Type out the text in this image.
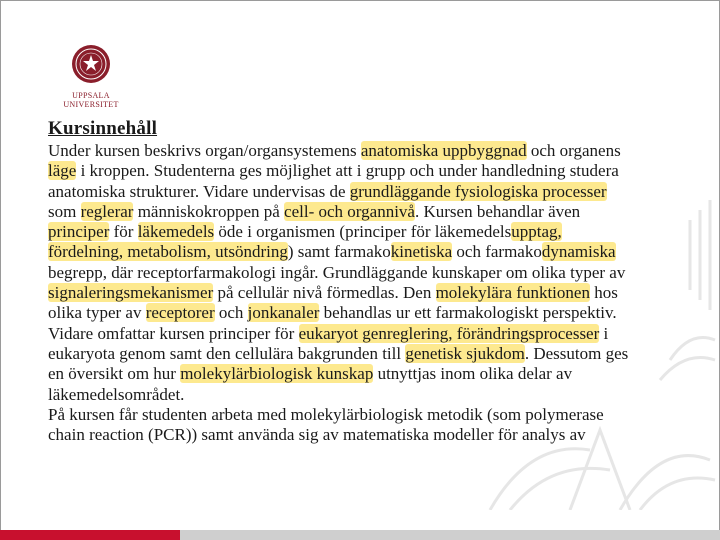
UPPSALA
UNIVERSITET
Kursinnehåll
Under kursen beskrivs organ/organsystemens anatomiska uppbyggnad och organens
läge i kroppen. Studenterna ges möjlighet att i grupp och under handledning studera
anatomiska strukturer. Vidare undervisas de grundläggande fysiologiska processer
som reglerar människokroppen på cell- och organnivå. Kursen behandlar även
principer för läkemedels öde i organismen (principer för läkemedelsupptag,
fördelning, metabolism, utsöndring) samt farmakokinetiska och farmakodynamiska
begrepp, där receptorfarmakologi ingår. Grundläggande kunskaper om olika typer av
signaleringsmekanismer på cellulär nivå förmedlas. Den molekylära funktionen hos
olika typer av receptorer och jonkanaler behandlas ur ett farmakologiskt perspektiv.
Vidare omfattar kursen principer för eukaryot genreglering, förändringsprocesser i
eukaryota genom samt den cellulära bakgrunden till genetisk sjukdom. Dessutom ges
en översikt om hur molekylärbiologisk kunskap utnyttjas inom olika delar av
läkemedelsområdet.
På kursen får studenten arbeta med molekylärbiologisk metodik (som polymerase
chain reaction (PCR)) samt använda sig av matematiska modeller för analys av
